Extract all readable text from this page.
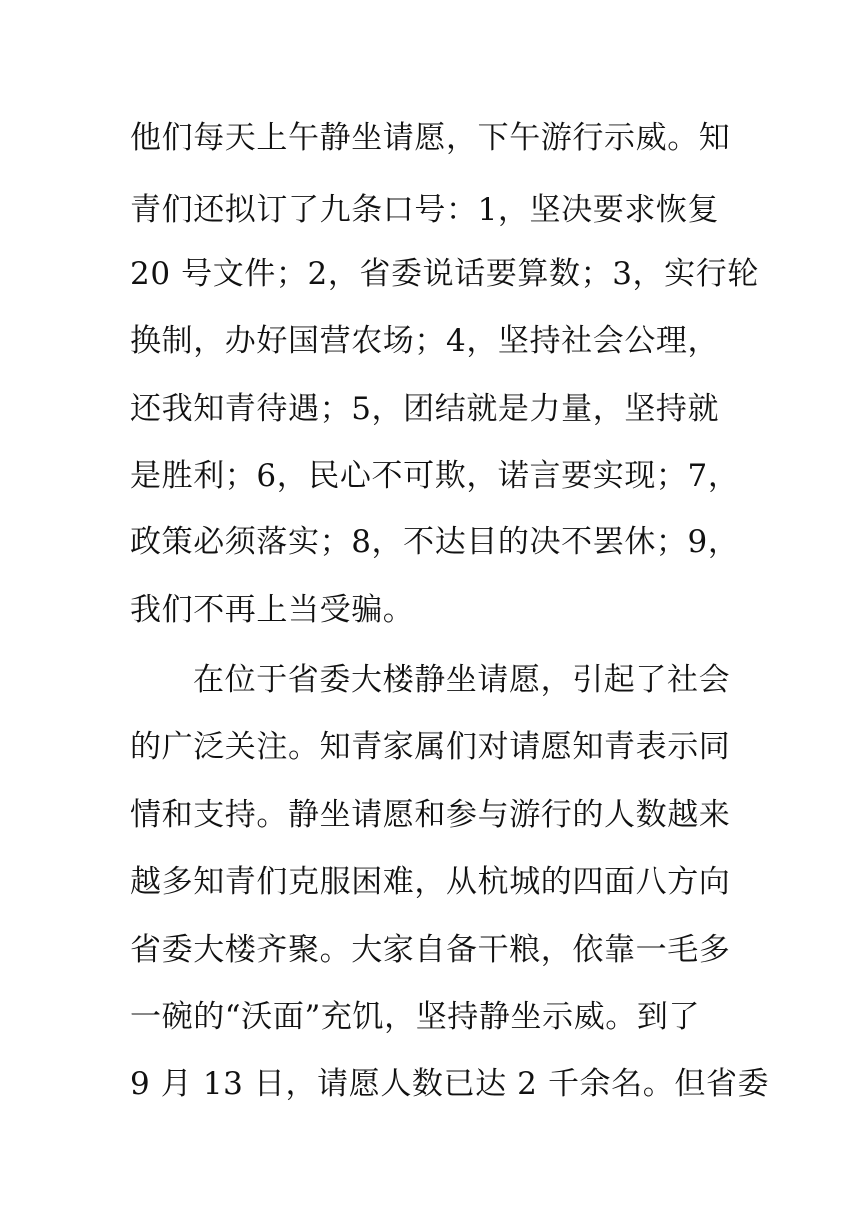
他们每天上午静坐请愿，下午游行示威。知
青们还拟订了九条口号：1，坚决要求恢复
20 号文件；2，省委说话要算数；3，实行轮
换制，办好国营农场；4，坚持社会公理，
还我知青待遇；5，团结就是力量，坚持就
是胜利；6，民心不可欺，诺言要实现；7，
政策必须落实；8，不达目的决不罢休；9，
我们不再上当受骗。
在位于省委大楼静坐请愿，引起了社会
的广泛关注。知青家属们对请愿知青表示同
情和支持。静坐请愿和参与游行的人数越来
越多知青们克服困难，从杭城的四面八方向
省委大楼齐聚。大家自备干粮，依靠一毛多
一碗的“沃面”充饥，坚持静坐示威。到了
9 月 13 日，请愿人数已达 2 千余名。但省委
